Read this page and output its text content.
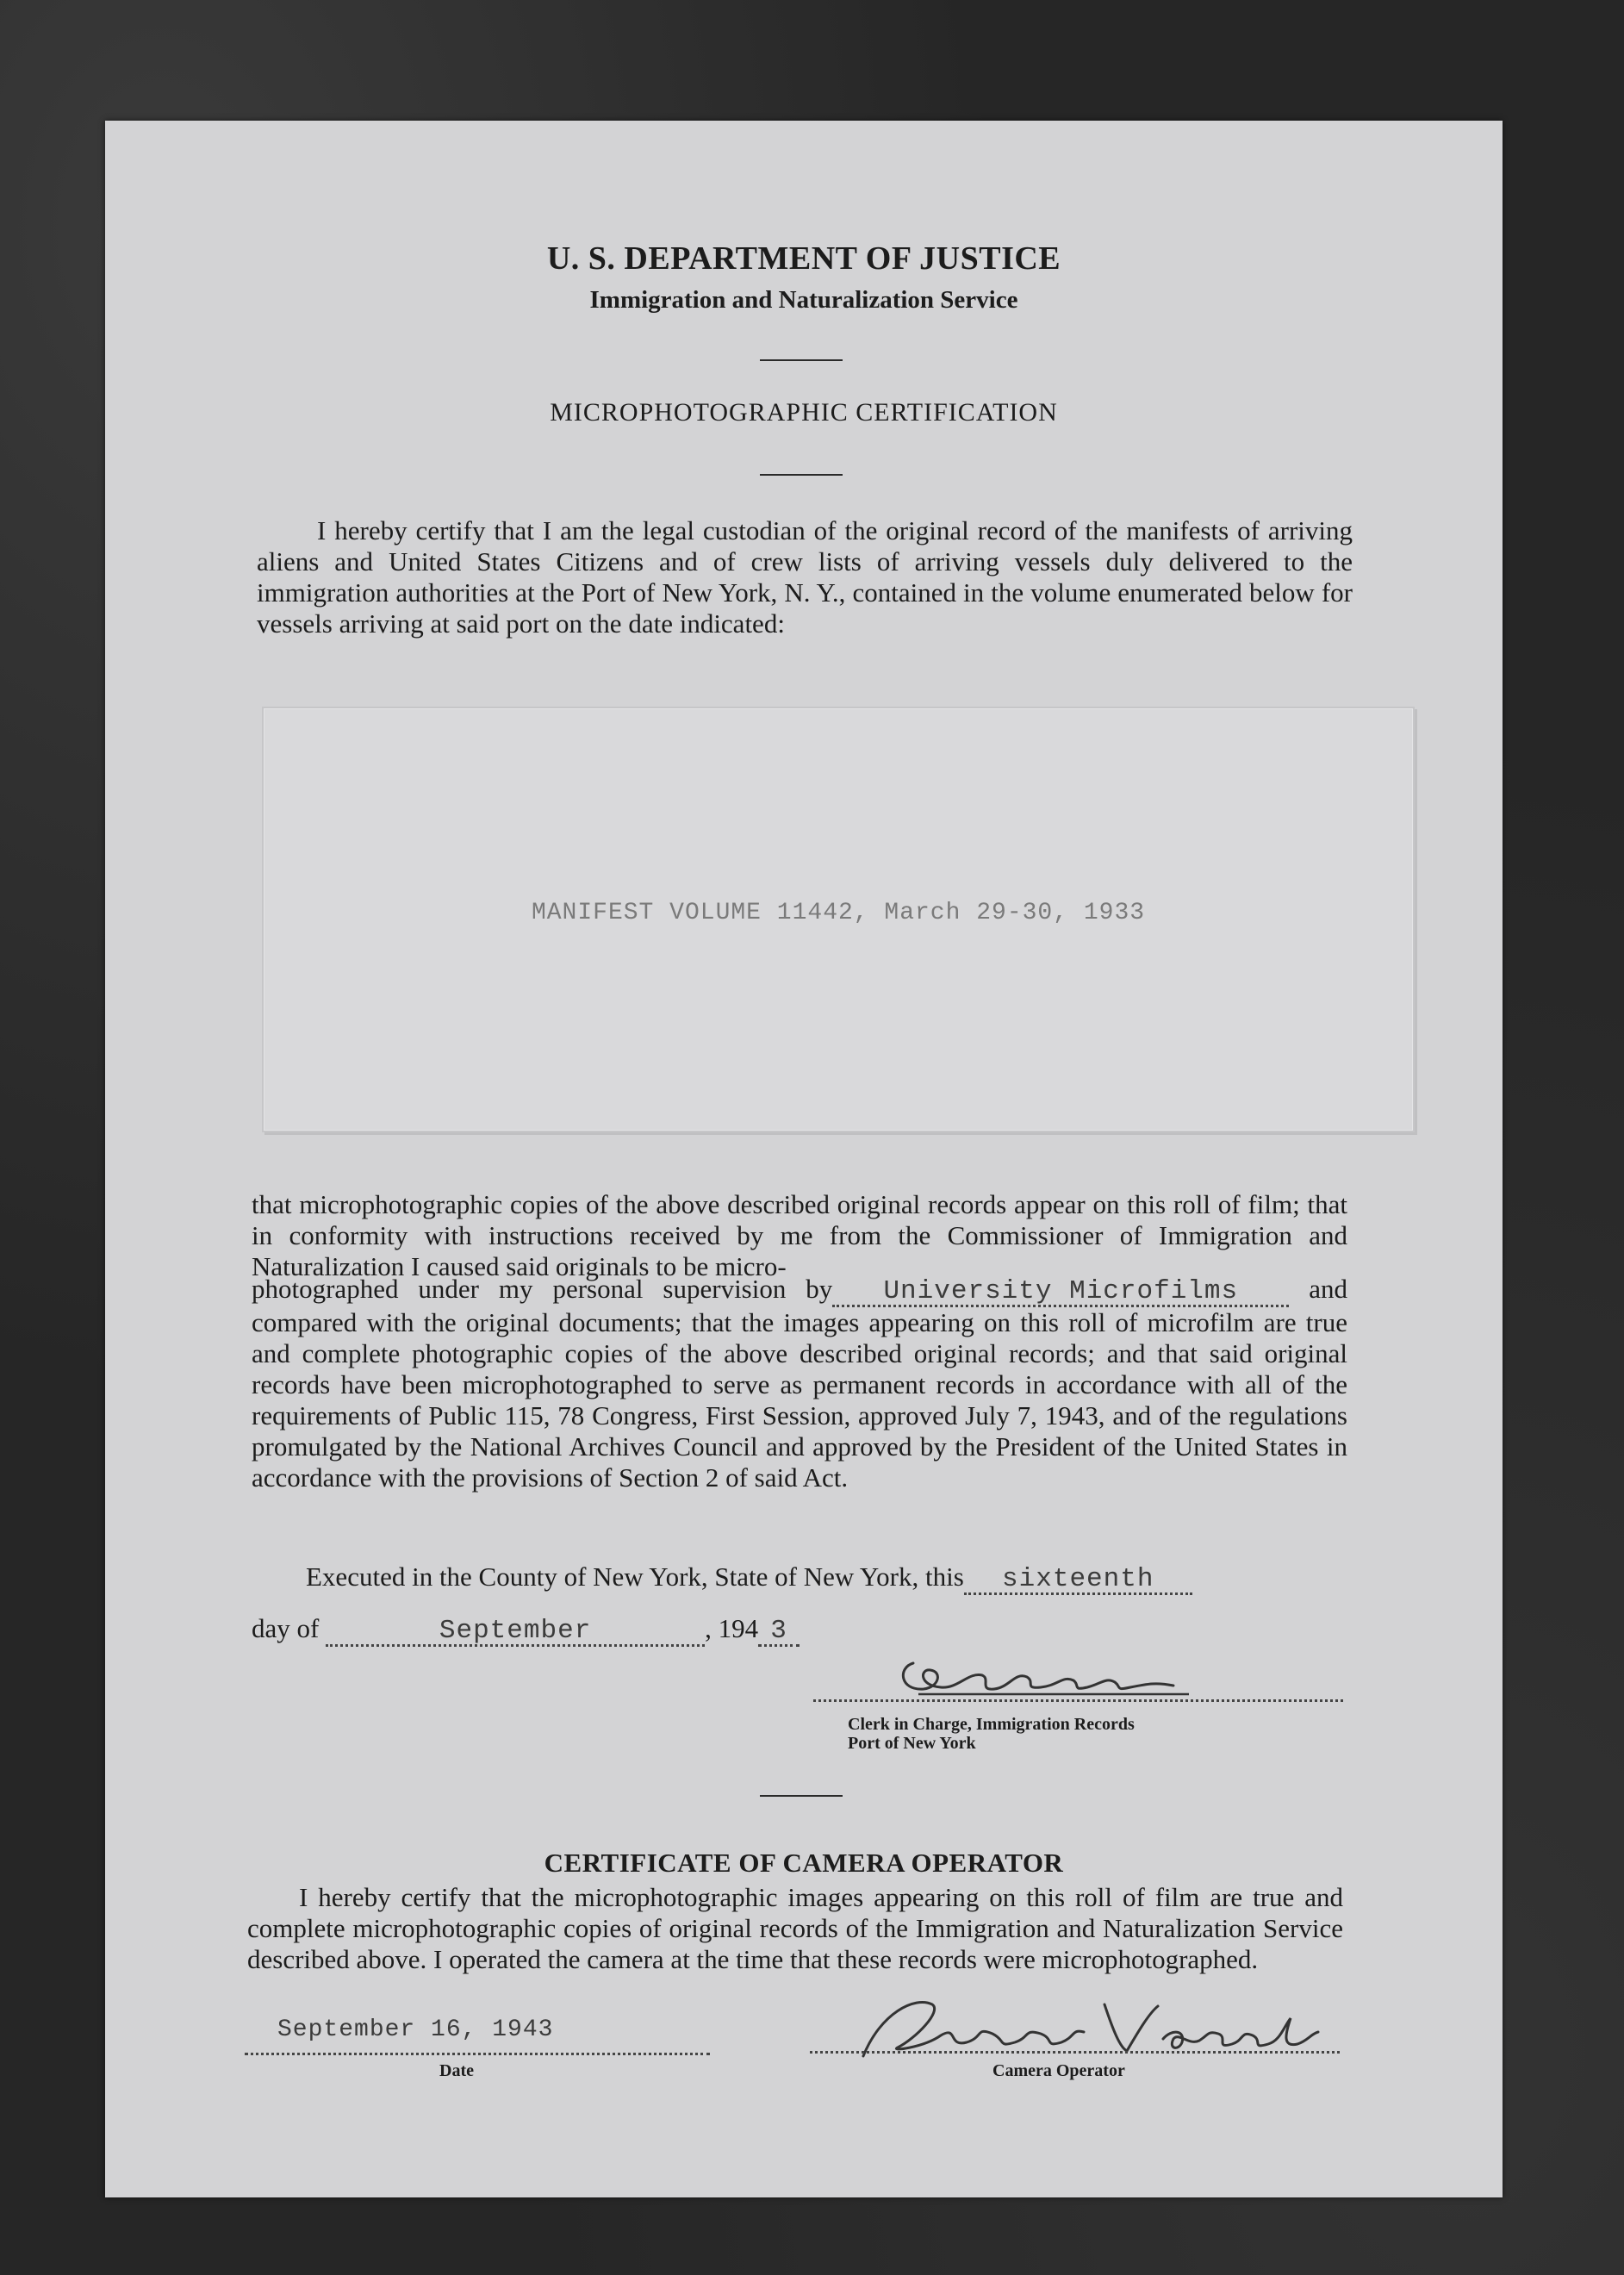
U. S. DEPARTMENT OF JUSTICE
Immigration and Naturalization Service
MICROPHOTOGRAPHIC CERTIFICATION
I hereby certify that I am the legal custodian of the original record of the manifests of arriving aliens and United States Citizens and of crew lists of arriving vessels duly delivered to the immigration authorities at the Port of New York, N. Y., contained in the volume enumerated below for vessels arriving at said port on the date indicated:
MANIFEST VOLUME 11442, March 29-30, 1933
that microphotographic copies of the above described original records appear on this roll of film; that in conformity with instructions received by me from the Commissioner of Immigration and Naturalization I caused said originals to be micro-
photographed under my personal supervision by University Microfilms	and compared with the original documents; that the images appearing on this roll of microfilm are true and complete photographic copies of the above described original records; and that said original records have been microphotographed to serve as permanent records in accordance with all of the requirements of Public 115, 78 Congress, First Session, approved July 7, 1943, and of the regulations promulgated by the National Archives Council and approved by the President of the United States in accordance with the provisions of Section 2 of said Act.
Executed in the County of New York, State of New York, this sixteenth
day of	September	, 194 3
Clerk in Charge, Immigration Records
Port of New York
CERTIFICATE OF CAMERA OPERATOR
I hereby certify that the microphotographic images appearing on this roll of film are true and complete microphotographic copies of original records of the Immigration and Naturalization Service described above. I operated the camera at the time that these records were microphotographed.
September 16, 1943
Date	Camera Operator
